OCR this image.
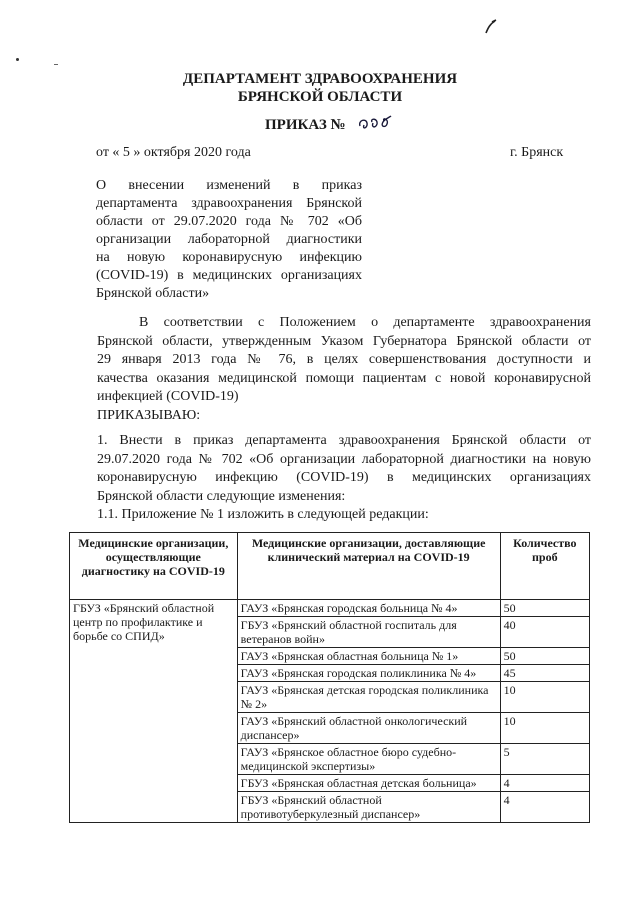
ДЕПАРТАМЕНТ ЗДРАВООХРАНЕНИЯ
БРЯНСКОЙ ОБЛАСТИ
ПРИКАЗ №
от « 5 » октября 2020 года	г. Брянск
О внесении изменений в приказ
департамента здравоохранения Брянской
области от 29.07.2020 года № 702 «Об
организации лабораторной диагностики
на новую коронавирусную инфекцию
(COVID-19) в медицинских организациях
Брянской области»
В соответствии с Положением о департаменте здравоохранения
Брянской области, утвержденным Указом Губернатора Брянской области от
29 января 2013 года № 76, в целях совершенствования доступности и
качества оказания медицинской помощи пациентам с новой коронавирусной
инфекцией (COVID-19)
ПРИКАЗЫВАЮ:
1. Внести в приказ департамента здравоохранения Брянской области от
29.07.2020 года № 702 «Об организации лабораторной диагностики на новую
коронавирусную инфекцию (COVID-19) в медицинских организациях
Брянской области следующие изменения:
1.1. Приложение № 1 изложить в следующей редакции:
Медицинские организации, осуществляющие диагностику на COVID-19	Медицинские организации, доставляющие клинический материал на COVID-19	Количество проб
ГБУЗ «Брянский областной центр по профилактике и борьбе со СПИД»	ГАУЗ «Брянская городская больница № 4»	50
	ГБУЗ «Брянский областной госпиталь для ветеранов войн»	40
	ГАУЗ «Брянская областная больница № 1»	50
	ГАУЗ «Брянская городская поликлиника № 4»	45
	ГАУЗ «Брянская детская городская поликлиника № 2»	10
	ГАУЗ «Брянский областной онкологический диспансер»	10
	ГАУЗ «Брянское областное бюро судебно-медицинской экспертизы»	5
	ГБУЗ «Брянская областная детская больница»	4
	ГБУЗ «Брянский областной противотуберкулезный диспансер»	4
